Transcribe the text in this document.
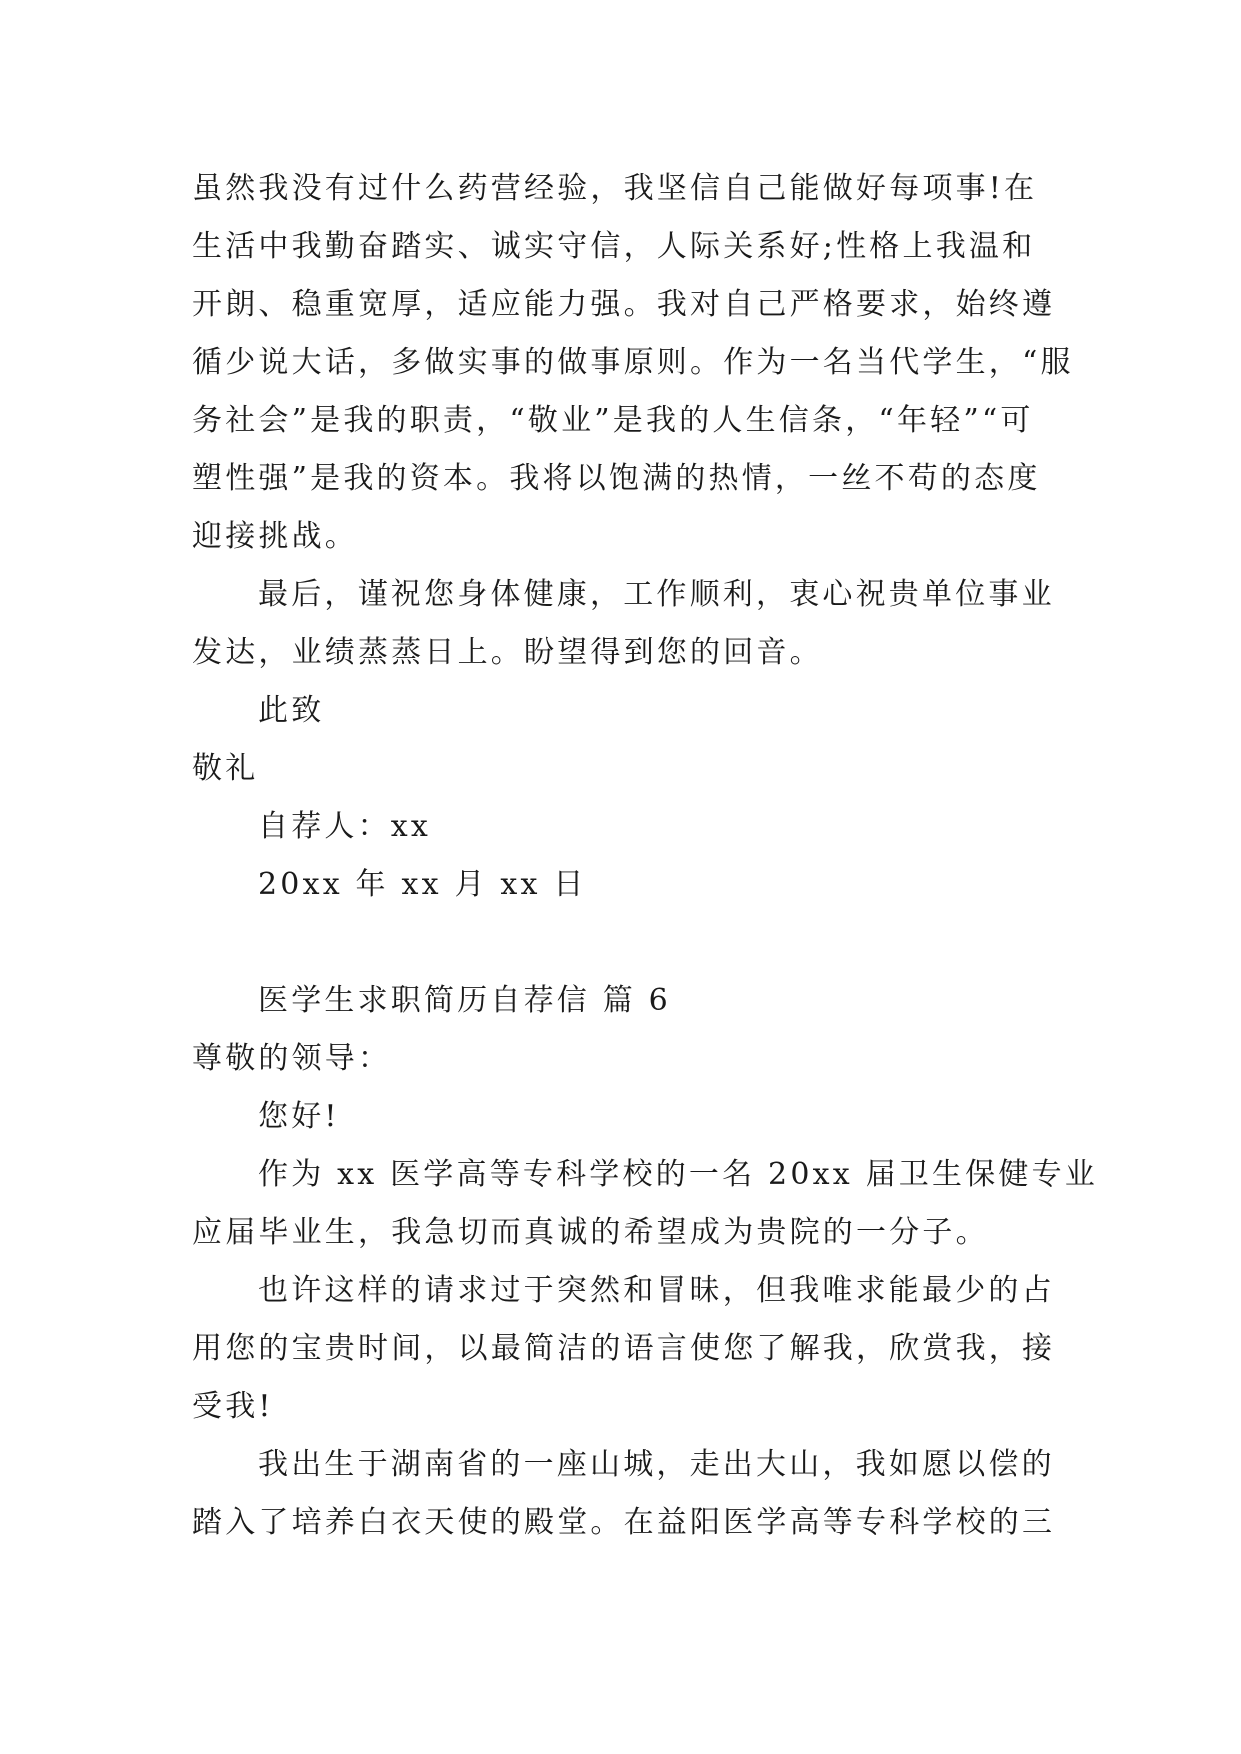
虽然我没有过什么药营经验，我坚信自己能做好每项事!在
生活中我勤奋踏实、诚实守信，人际关系好;性格上我温和
开朗、稳重宽厚，适应能力强。我对自己严格要求，始终遵
循少说大话，多做实事的做事原则。作为一名当代学生，“服
务社会”是我的职责，“敬业”是我的人生信条，“年轻”“可
塑性强”是我的资本。我将以饱满的热情，一丝不苟的态度
迎接挑战。
最后，谨祝您身体健康，工作顺利，衷心祝贵单位事业
发达，业绩蒸蒸日上。盼望得到您的回音。
此致
敬礼
自荐人：xx
20xx 年 xx 月 xx 日
医学生求职简历自荐信 篇 6
尊敬的领导：
您好!
作为 xx 医学高等专科学校的一名 20xx 届卫生保健专业
应届毕业生，我急切而真诚的希望成为贵院的一分子。
也许这样的请求过于突然和冒昧，但我唯求能最少的占
用您的宝贵时间，以最简洁的语言使您了解我，欣赏我，接
受我!
我出生于湖南省的一座山城，走出大山，我如愿以偿的
踏入了培养白衣天使的殿堂。在益阳医学高等专科学校的三
